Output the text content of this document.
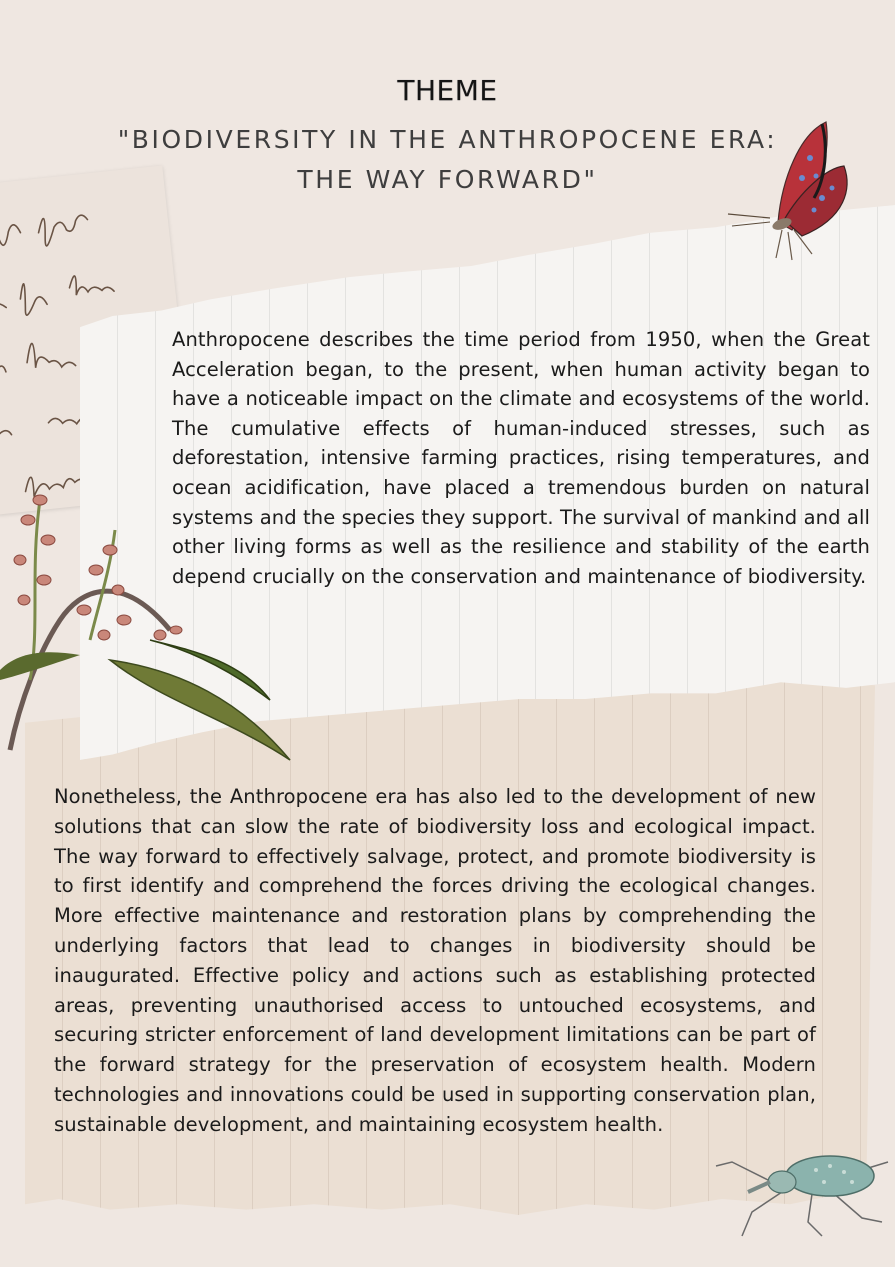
THEME
"BIODIVERSITY IN THE ANTHROPOCENE ERA:
THE WAY FORWARD"

Anthropocene describes the time period from 1950, when the Great Acceleration began, to the present, when human activity began to have a noticeable impact on the climate and ecosystems of the world. The cumulative effects of human-induced stresses, such as deforestation, intensive farming practices, rising temperatures, and ocean acidification, have placed a tremendous burden on natural systems and the species they support. The survival of mankind and all other living forms as well as the resilience and stability of the earth depend crucially on the conservation and maintenance of biodiversity.

Nonetheless, the Anthropocene era has also led to the development of new solutions that can slow the rate of biodiversity loss and ecological impact. The way forward to effectively salvage, protect, and promote biodiversity is to first identify and comprehend the forces driving the ecological changes. More effective maintenance and restoration plans by comprehending the underlying factors that lead to changes in biodiversity should be inaugurated. Effective policy and actions such as establishing protected areas, preventing unauthorised access to untouched ecosystems, and securing stricter enforcement of land development limitations can be part of the forward strategy for the preservation of ecosystem health. Modern technologies and innovations could be used in supporting conservation plan, sustainable development, and maintaining ecosystem health.
